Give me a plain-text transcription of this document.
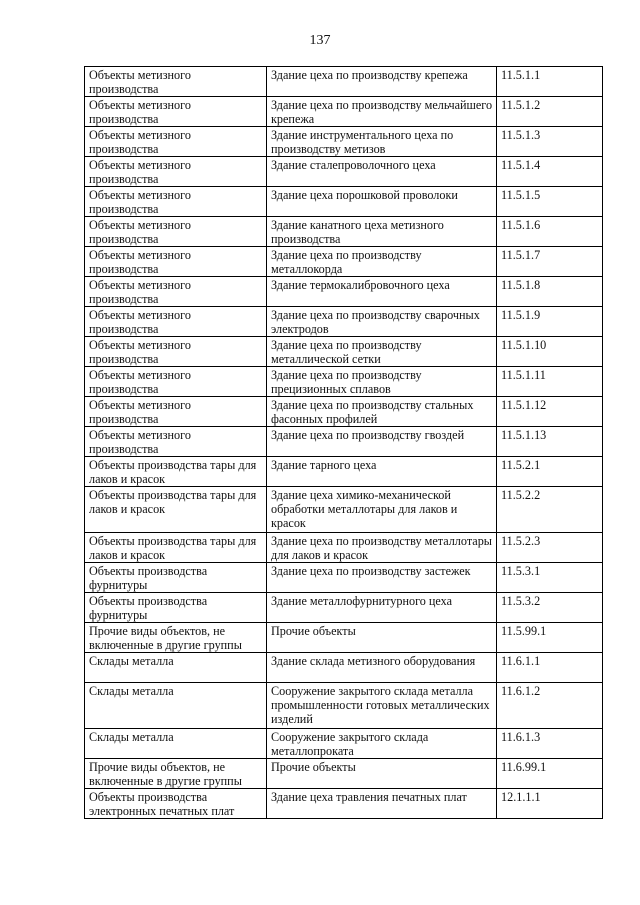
137
Объекты метизного производства	Здание цеха по производству крепежа	11.5.1.1
Объекты метизного производства	Здание цеха по производству мельчайшего крепежа	11.5.1.2
Объекты метизного производства	Здание инструментального цеха по производству метизов	11.5.1.3
Объекты метизного производства	Здание сталепроволочного цеха	11.5.1.4
Объекты метизного производства	Здание цеха порошковой проволоки	11.5.1.5
Объекты метизного производства	Здание канатного цеха метизного производства	11.5.1.6
Объекты метизного производства	Здание цеха по производству металлокорда	11.5.1.7
Объекты метизного производства	Здание термокалибровочного цеха	11.5.1.8
Объекты метизного производства	Здание цеха по производству сварочных электродов	11.5.1.9
Объекты метизного производства	Здание цеха по производству металлической сетки	11.5.1.10
Объекты метизного производства	Здание цеха по производству прецизионных сплавов	11.5.1.11
Объекты метизного производства	Здание цеха по производству стальных фасонных профилей	11.5.1.12
Объекты метизного производства	Здание цеха по производству гвоздей	11.5.1.13
Объекты производства тары для лаков и красок	Здание тарного цеха	11.5.2.1
Объекты производства тары для лаков и красок	Здание цеха химико-механической обработки металлотары для лаков и красок	11.5.2.2
Объекты производства тары для лаков и красок	Здание цеха по производству металлотары для лаков и красок	11.5.2.3
Объекты производства фурнитуры	Здание цеха по производству застежек	11.5.3.1
Объекты производства фурнитуры	Здание металлофурнитурного цеха	11.5.3.2
Прочие виды объектов, не включенные в другие группы	Прочие объекты	11.5.99.1
Склады металла	Здание склада метизного оборудования	11.6.1.1
Склады металла	Сооружение закрытого склада металла промышленности готовых металлических изделий	11.6.1.2
Склады металла	Сооружение закрытого склада металлопроката	11.6.1.3
Прочие виды объектов, не включенные в другие группы	Прочие объекты	11.6.99.1
Объекты производства электронных печатных плат	Здание цеха травления печатных плат	12.1.1.1
